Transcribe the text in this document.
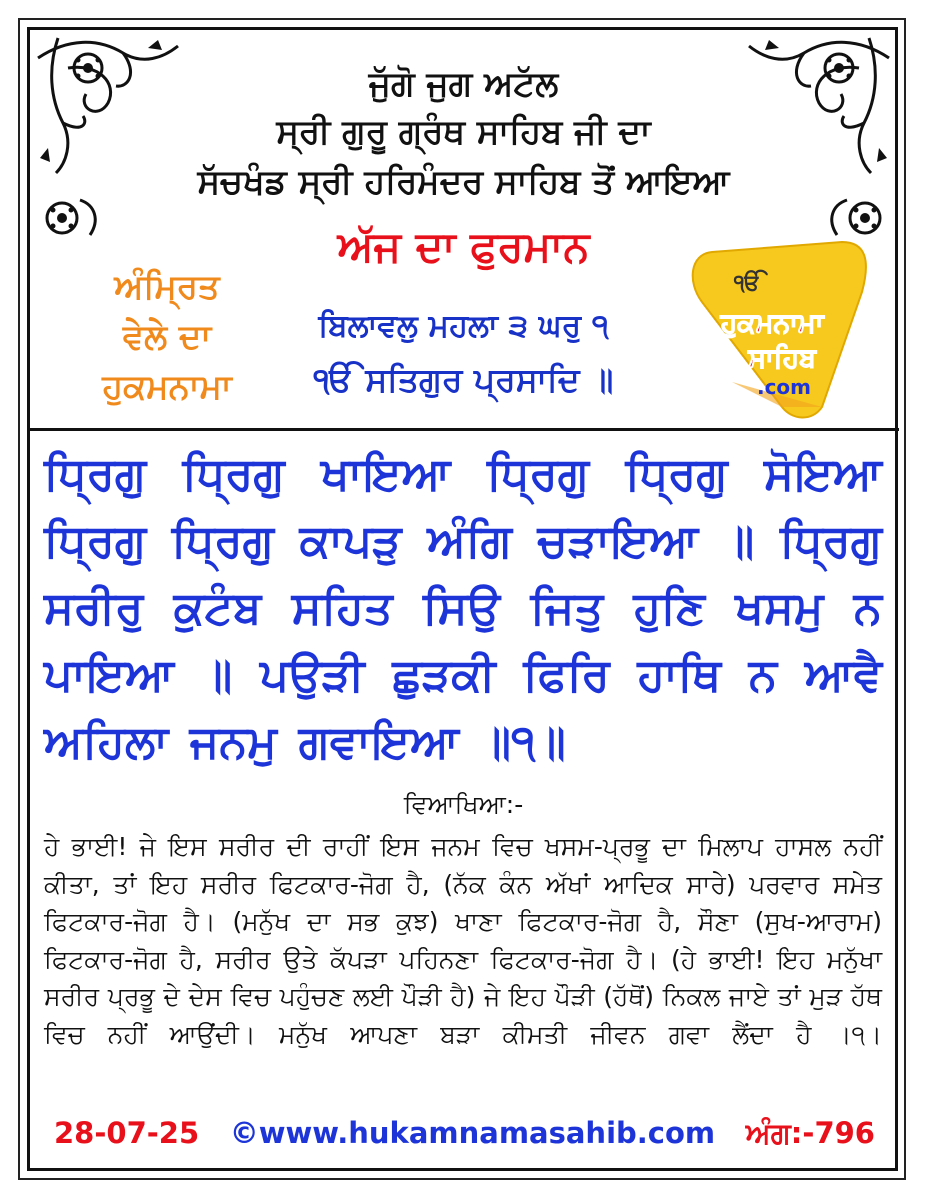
ਜੁੱਗੋ ਜੁਗ ਅਟੱਲ
ਸ੍ਰੀ ਗੁਰੂ ਗ੍ਰੰਥ ਸਾਹਿਬ ਜੀ ਦਾ
ਸੱਚਖੰਡ ਸ੍ਰੀ ਹਰਿਮੰਦਰ ਸਾਹਿਬ ਤੋਂ ਆਇਆ
ਅੱਜ ਦਾ ਫੁਰਮਾਨ
ਅੰਮ੍ਰਿਤ
ਵੇਲੇ ਦਾ
ਹੁਕਮਨਾਮਾ
ਬਿਲਾਵਲੁ ਮਹਲਾ ੩ ਘਰੁ ੧
ੴ ਸਤਿਗੁਰ ਪ੍ਰਸਾਦਿ ॥
ੴ
ਹੁਕਮਨਾਮਾ
ਸਾਹਿਬ
.com
ਧ੍ਰਿਗੁ ਧ੍ਰਿਗੁ ਖਾਇਆ ਧ੍ਰਿਗੁ ਧ੍ਰਿਗੁ ਸੋਇਆ ਧ੍ਰਿਗੁ ਧ੍ਰਿਗੁ ਕਾਪੜੁ ਅੰਗਿ ਚੜਾਇਆ ॥ ਧ੍ਰਿਗੁ ਸਰੀਰੁ ਕੁਟੰਬ ਸਹਿਤ ਸਿਉ ਜਿਤੁ ਹੁਣਿ ਖਸਮੁ ਨ ਪਾਇਆ ॥ ਪਉੜੀ ਛੁੜਕੀ ਫਿਰਿ ਹਾਥਿ ਨ ਆਵੈ ਅਹਿਲਾ ਜਨਮੁ ਗਵਾਇਆ ॥੧॥
ਵਿਆਖਿਆ:-
ਹੇ ਭਾਈ! ਜੇ ਇਸ ਸਰੀਰ ਦੀ ਰਾਹੀਂ ਇਸ ਜਨਮ ਵਿਚ ਖਸਮ-ਪ੍ਰਭੂ ਦਾ ਮਿਲਾਪ ਹਾਸਲ ਨਹੀਂ ਕੀਤਾ, ਤਾਂ ਇਹ ਸਰੀਰ ਫਿਟਕਾਰ-ਜੋਗ ਹੈ, (ਨੱਕ ਕੰਨ ਅੱਖਾਂ ਆਦਿਕ ਸਾਰੇ) ਪਰਵਾਰ ਸਮੇਤ ਫਿਟਕਾਰ-ਜੋਗ ਹੈ। (ਮਨੁੱਖ ਦਾ ਸਭ ਕੁਝ) ਖਾਣਾ ਫਿਟਕਾਰ-ਜੋਗ ਹੈ, ਸੌਣਾ (ਸੁਖ-ਆਰਾਮ) ਫਿਟਕਾਰ-ਜੋਗ ਹੈ, ਸਰੀਰ ਉਤੇ ਕੱਪੜਾ ਪਹਿਨਣਾ ਫਿਟਕਾਰ-ਜੋਗ ਹੈ। (ਹੇ ਭਾਈ! ਇਹ ਮਨੁੱਖਾ ਸਰੀਰ ਪ੍ਰਭੂ ਦੇ ਦੇਸ ਵਿਚ ਪਹੁੰਚਣ ਲਈ ਪੌੜੀ ਹੈ) ਜੇ ਇਹ ਪੌੜੀ (ਹੱਥੋਂ) ਨਿਕਲ ਜਾਏ ਤਾਂ ਮੁੜ ਹੱਥ ਵਿਚ ਨਹੀਂ ਆਉਂਦੀ। ਮਨੁੱਖ ਆਪਣਾ ਬੜਾ ਕੀਮਤੀ ਜੀਵਨ ਗਵਾ ਲੈਂਦਾ ਹੈ ।੧।
28-07-25 ©www.hukamnamasahib.com ਅੰਗ:-796
